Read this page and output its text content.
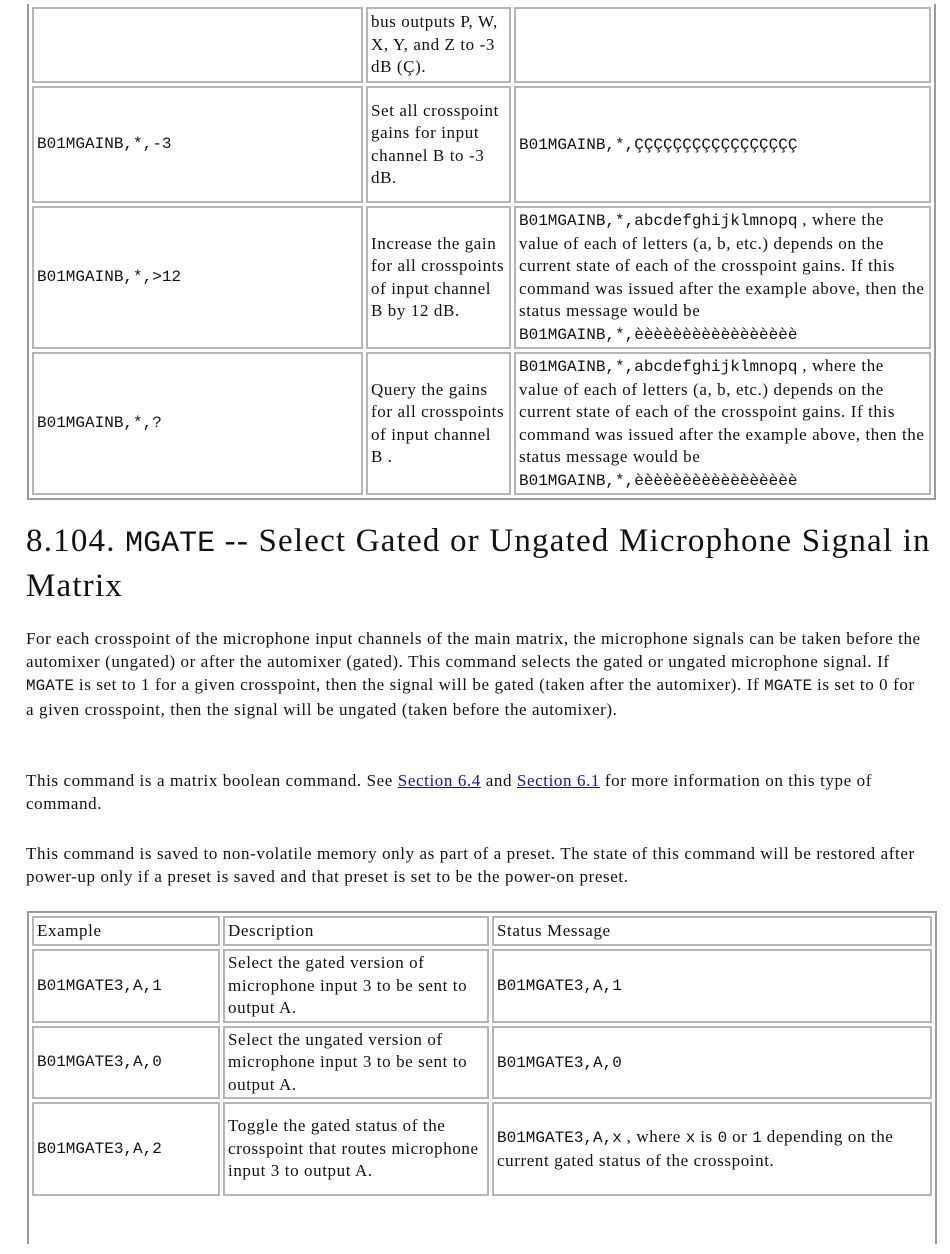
	bus outputs P, W, X, Y, and Z to -3 dB (Ç).	
B01MGAINB,*,-3	Set all crosspoint gains for input channel B to -3 dB.	B01MGAINB,*,ÇÇÇÇÇÇÇÇÇÇÇÇÇÇÇÇÇ
B01MGAINB,*,>12	Increase the gain for all crosspoints of input channel B by 12 dB.	B01MGAINB,*,abcdefghijklmnopq , where the value of each of letters (a, b, etc.) depends on the current state of each of the crosspoint gains. If this command was issued after the example above, then the status message would be B01MGAINB,*,èèèèèèèèèèèèèèèèè
B01MGAINB,*,?	Query the gains for all crosspoints of input channel B .	B01MGAINB,*,abcdefghijklmnopq , where the value of each of letters (a, b, etc.) depends on the current state of each of the crosspoint gains. If this command was issued after the example above, then the status message would be B01MGAINB,*,èèèèèèèèèèèèèèèèè
8.104. MGATE -- Select Gated or Ungated Microphone Signal in Matrix

For each crosspoint of the microphone input channels of the main matrix, the microphone signals can be taken before the automixer (ungated) or after the automixer (gated). This command selects the gated or ungated microphone signal. If MGATE is set to 1 for a given crosspoint, then the signal will be gated (taken after the automixer). If MGATE is set to 0 for a given crosspoint, then the signal will be ungated (taken before the automixer).

This command is a matrix boolean command. See Section 6.4 and Section 6.1 for more information on this type of command.

This command is saved to non-volatile memory only as part of a preset. The state of this command will be restored after power-up only if a preset is saved and that preset is set to be the power-on preset.

Example	Description	Status Message
B01MGATE3,A,1	Select the gated version of microphone input 3 to be sent to output A.	B01MGATE3,A,1
B01MGATE3,A,0	Select the ungated version of microphone input 3 to be sent to output A.	B01MGATE3,A,0
B01MGATE3,A,2	Toggle the gated status of the crosspoint that routes microphone input 3 to output A.	B01MGATE3,A,x , where x is 0 or 1 depending on the current gated status of the crosspoint.
